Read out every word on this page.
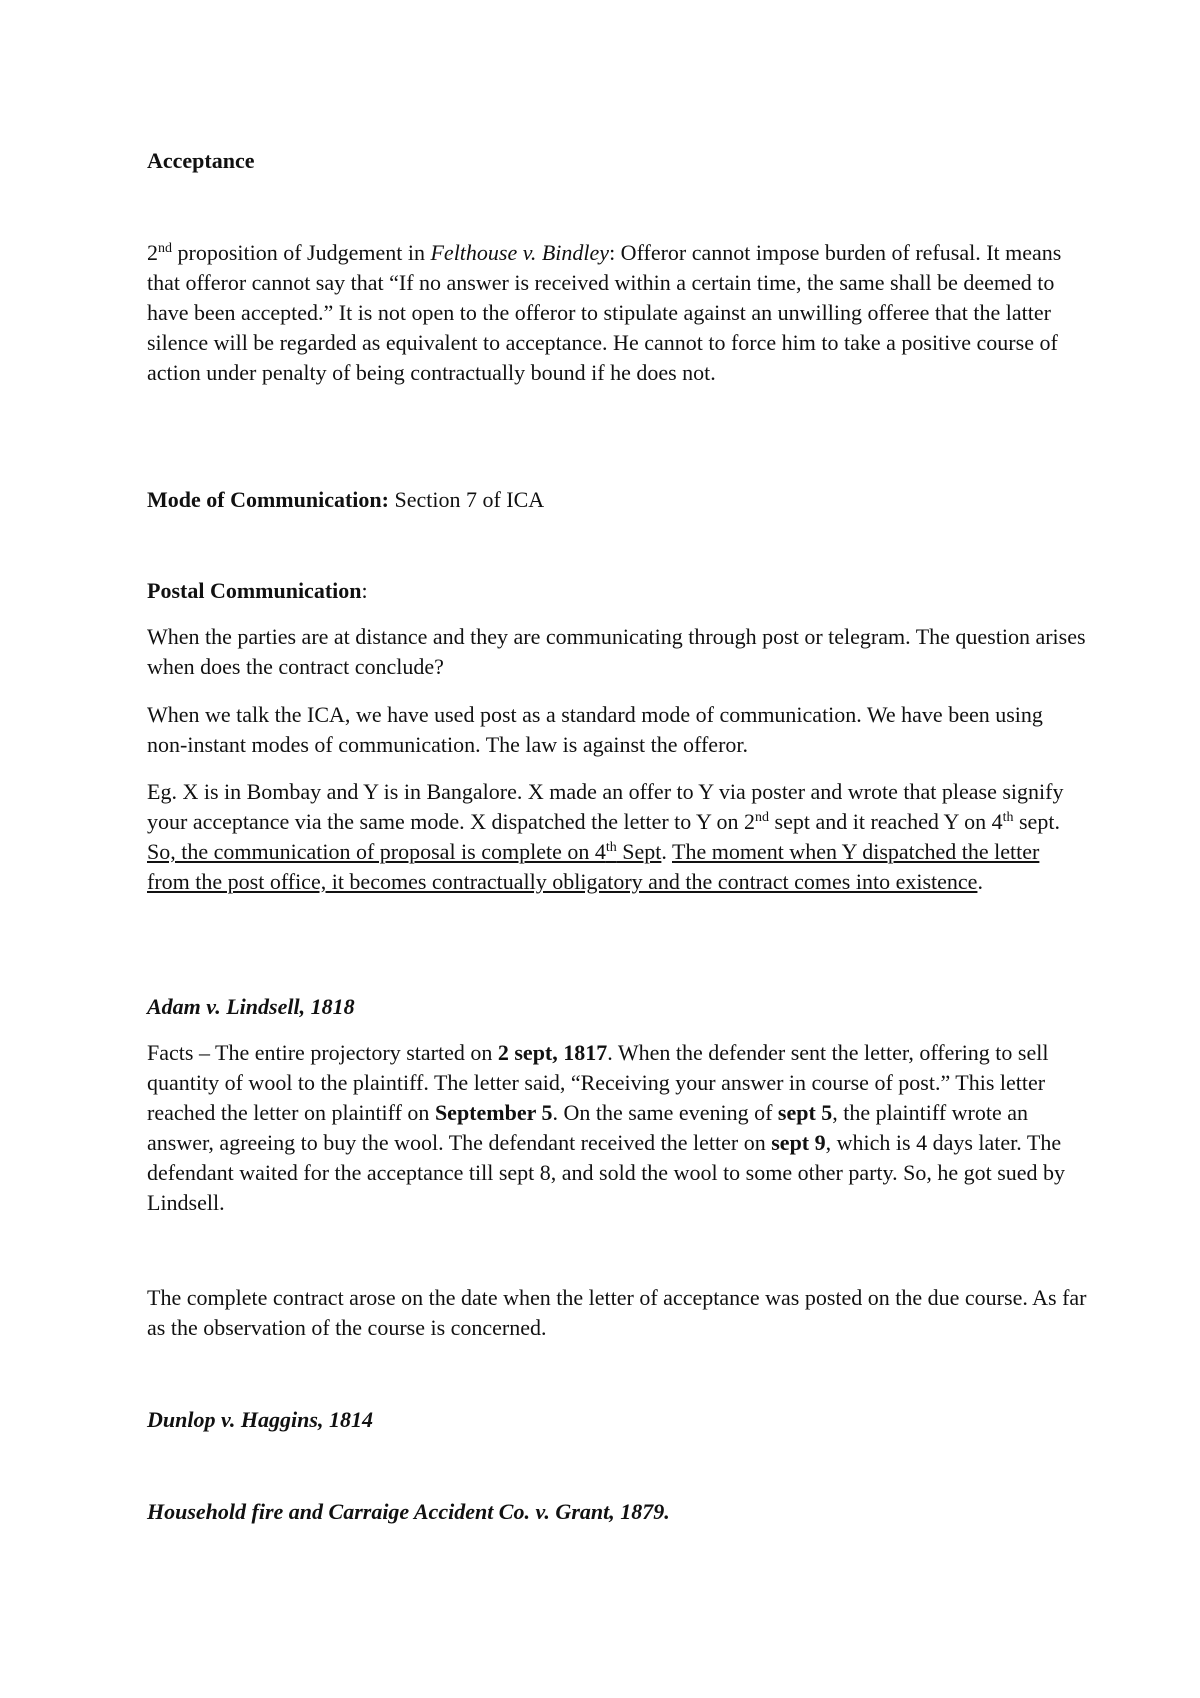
Acceptance

2nd proposition of Judgement in Felthouse v. Bindley: Offeror cannot impose burden of refusal. It means that offeror cannot say that “If no answer is received within a certain time, the same shall be deemed to have been accepted.” It is not open to the offeror to stipulate against an unwilling offeree that the latter silence will be regarded as equivalent to acceptance. He cannot to force him to take a positive course of action under penalty of being contractually bound if he does not.

Mode of Communication: Section 7 of ICA

Postal Communication:

When the parties are at distance and they are communicating through post or telegram. The question arises when does the contract conclude?

When we talk the ICA, we have used post as a standard mode of communication. We have been using non-instant modes of communication. The law is against the offeror.

Eg. X is in Bombay and Y is in Bangalore. X made an offer to Y via poster and wrote that please signify your acceptance via the same mode. X dispatched the letter to Y on 2nd sept and it reached Y on 4th sept. So, the communication of proposal is complete on 4th Sept. The moment when Y dispatched the letter from the post office, it becomes contractually obligatory and the contract comes into existence.

Adam v. Lindsell, 1818

Facts – The entire projectory started on 2 sept, 1817. When the defender sent the letter, offering to sell quantity of wool to the plaintiff. The letter said, “Receiving your answer in course of post.” This letter reached the letter on plaintiff on September 5. On the same evening of sept 5, the plaintiff wrote an answer, agreeing to buy the wool. The defendant received the letter on sept 9, which is 4 days later. The defendant waited for the acceptance till sept 8, and sold the wool to some other party. So, he got sued by Lindsell.

The complete contract arose on the date when the letter of acceptance was posted on the due course. As far as the observation of the course is concerned.

Dunlop v. Haggins, 1814

Household fire and Carraige Accident Co. v. Grant, 1879.
